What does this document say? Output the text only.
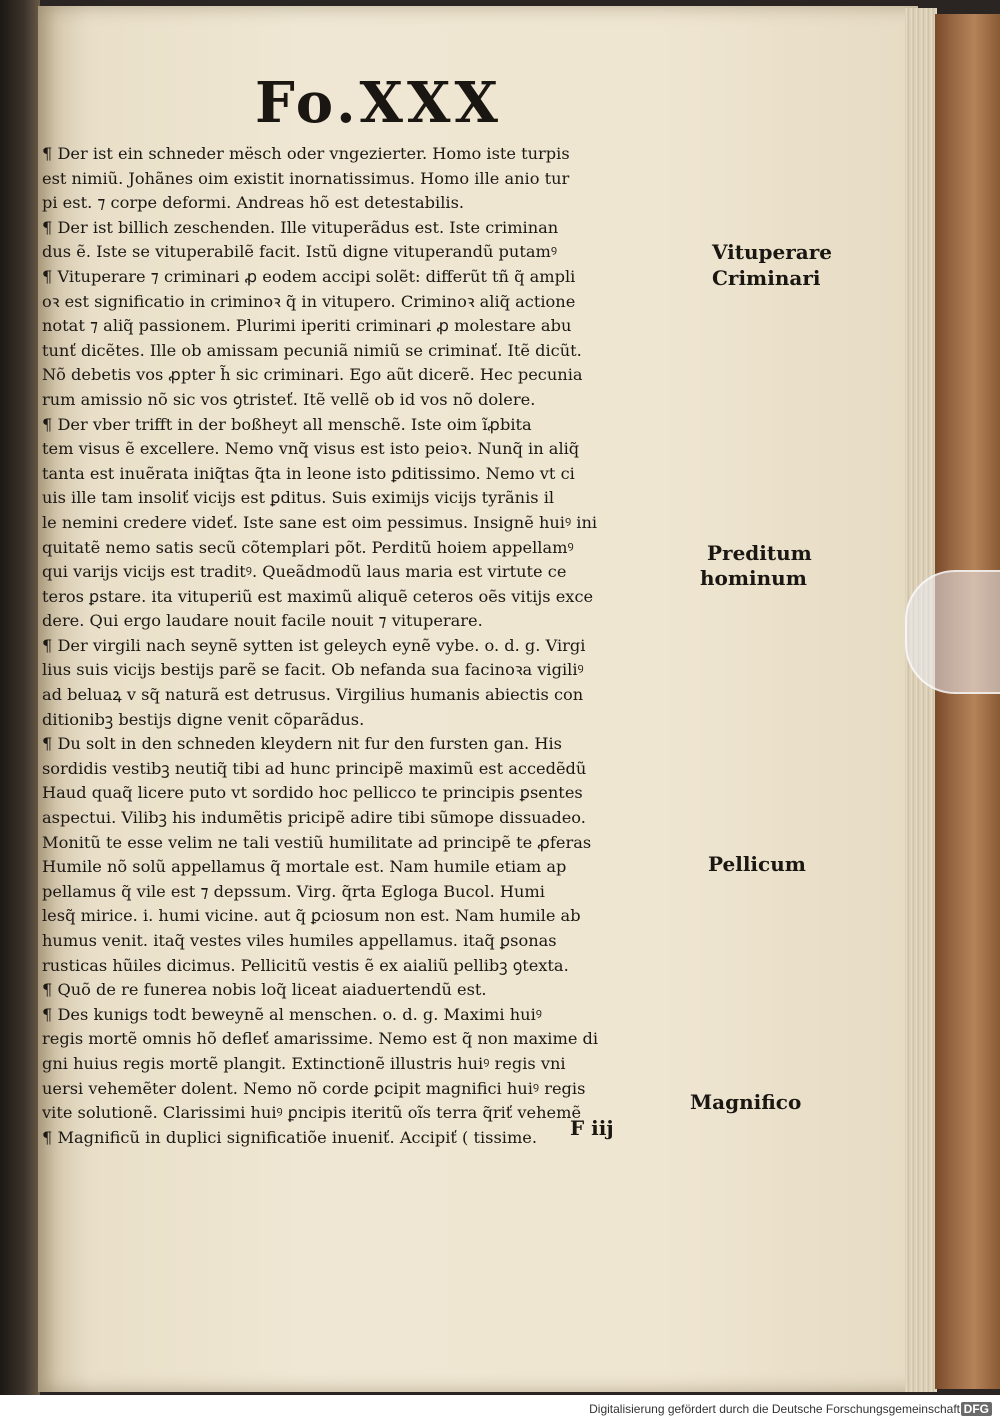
Fo.XXX
¶ Der ist ein schneder mësch oder vngezierter. Homo iste turpis
est nimiũ. Johãnes oim existit inornatissimus. Homo ille anio tur
pi est. ⁊ corpe deformi. Andreas hõ est detestabilis.
¶ Der ist billich zeschenden. Ille vituperãdus est. Iste criminan
dus ẽ. Iste se vituperabilẽ facit. Istũ digne vituperandũ putamꝰ
¶ Vituperare ⁊ criminari ꝓ eodem accipi solẽt: differũt tñ q̃ ampli
oꝛ est significatio in criminoꝛ q̃ in vitupero. Criminoꝛ aliq̃ actione
notat ⁊ aliq̃ passionem. Plurimi iperiti criminari ꝓ molestare abu
tunť dicẽtes. Ille ob amissam pecuniã nimiũ se criminať. Itẽ dicũt.
Nõ debetis vos ꝓpter h̃ sic criminari. Ego aũt dicerẽ. Hec pecunia
rum amissio nõ sic vos ꝯtristeť. Itẽ vellẽ ob id vos nõ dolere.
¶ Der vber trifft in der boßheyt all menschẽ. Iste oim ĩꝓbita
tem visus ẽ excellere. Nemo vnq̃ visus est isto peioꝛ. Nunq̃ in aliq̃
tanta est inuẽrata iniq̃tas q̃ta in leone isto ꝑditissimo. Nemo vt ci
uis ille tam insoliť vicijs est ꝑditus. Suis eximijs vicijs tyrãnis il
le nemini credere videť. Iste sane est oim pessimus. Insignẽ huiꝰ ini
quitatẽ nemo satis secũ cõtemplari põt. Perditũ hoiem appellamꝰ
qui varijs vicijs est traditꝰ. Queãdmodũ laus maria est virtute ce
teros ꝑstare. ita vituperiũ est maximũ aliquẽ ceteros oẽs vitijs exce
dere. Qui ergo laudare nouit facile nouit ⁊ vituperare.
¶ Der virgili nach seynẽ sytten ist geleych eynẽ vybe. o. d. g. Virgi
lius suis vicijs bestijs parẽ se facit. Ob nefanda sua facinoꝛa vigiliꝰ
ad beluaꝝ v sq̃ naturã est detrusus. Virgilius humanis abiectis con
ditionibꝫ bestijs digne venit cõparãdus.
¶ Du solt in den schneden kleydern nit fur den fursten gan. His
sordidis vestibꝫ neutiq̃ tibi ad hunc principẽ maximũ est accedẽdũ
Haud quaq̃ licere puto vt sordido hoc pellicco te principis ꝑsentes
aspectui. Vilibꝫ his indumẽtis pricipẽ adire tibi sũmope dissuadeo.
Monitũ te esse velim ne tali vestiũ humilitate ad principẽ te ꝓferas
Humile nõ solũ appellamus q̃ mortale est. Nam humile etiam ap
pellamus q̃ vile est ⁊ depssum. Virg. q̃rta Egloga Bucol. Humi
lesq̃ mirice. i. humi vicine. aut q̃ ꝑciosum non est. Nam humile ab
humus venit. itaq̃ vestes viles humiles appellamus. itaq̃ ꝑsonas
rusticas hũiles dicimus. Pellicitũ vestis ẽ ex aialiũ pellibꝫ ꝯtexta.
¶ Quõ de re funerea nobis loq̃ liceat aiaduertendũ est.
¶ Des kunigs todt beweynẽ al menschen. o. d. g. Maximi huiꝰ
regis mortẽ omnis hõ defleť amarissime. Nemo est q̃ non maxime di
gni huius regis mortẽ plangit. Extinctionẽ illustris huiꝰ regis vni
uersi vehemẽter dolent. Nemo nõ corde ꝑcipit magnifici huiꝰ regis
vite solutionẽ. Clarissimi huiꝰ ꝑncipis iteritũ oĩs terra q̃riť vehemẽ
¶ Magnificũ in duplici significatiõe inueniť. Accipiť ( tissime.
Vituperare
Criminari
Preditum
hominum
Pellicum
Magnifico
F iij
Digitalisierung gefördert durch die Deutsche Forschungsgemeinschaft DFG
